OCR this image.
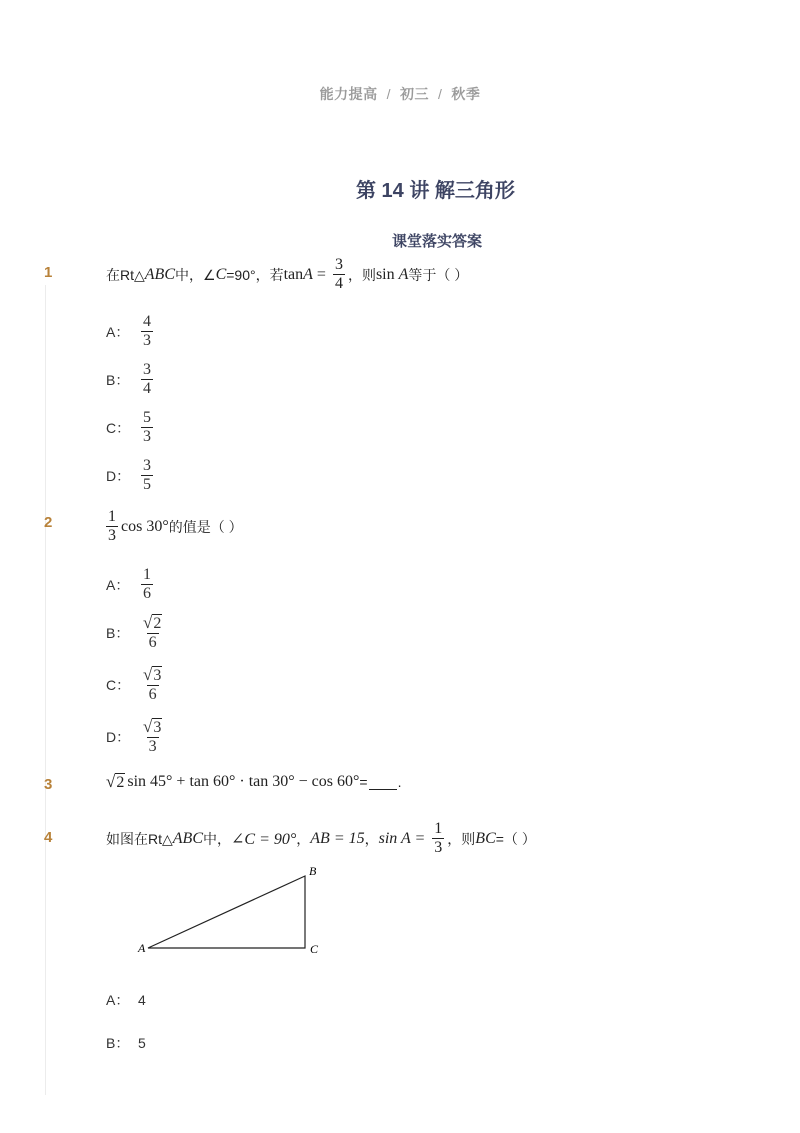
能力提高 / 初三 / 秋季
第 14 讲 解三角形
课堂落实答案
1	在Rt△ ABC 中，∠ C =90°，若 $\tan A = \frac{3}{4}$ ，则 sin A 等于（ ）
A： $\frac{4}{3}$
B： $\frac{3}{4}$
C： $\frac{5}{3}$
D： $\frac{3}{5}$
2	$\frac{1}{3}$ cos 30° 的值是（ ）
A： $\frac{1}{6}$
B： $\frac{√ 2}{6}$
C： $\frac{√ 3}{6}$
D： $\frac{√ 3}{3}$
3	√ 2 sin 45° + tan 60° · tan 30° − cos 60° = .
4	如图在Rt△ ABC 中， ∠C = 90° ， AB = 15 ， $\sin A = \frac{1}{3}$ ，则 BC =（ ）
A
B
C
A： 4
B： 5
